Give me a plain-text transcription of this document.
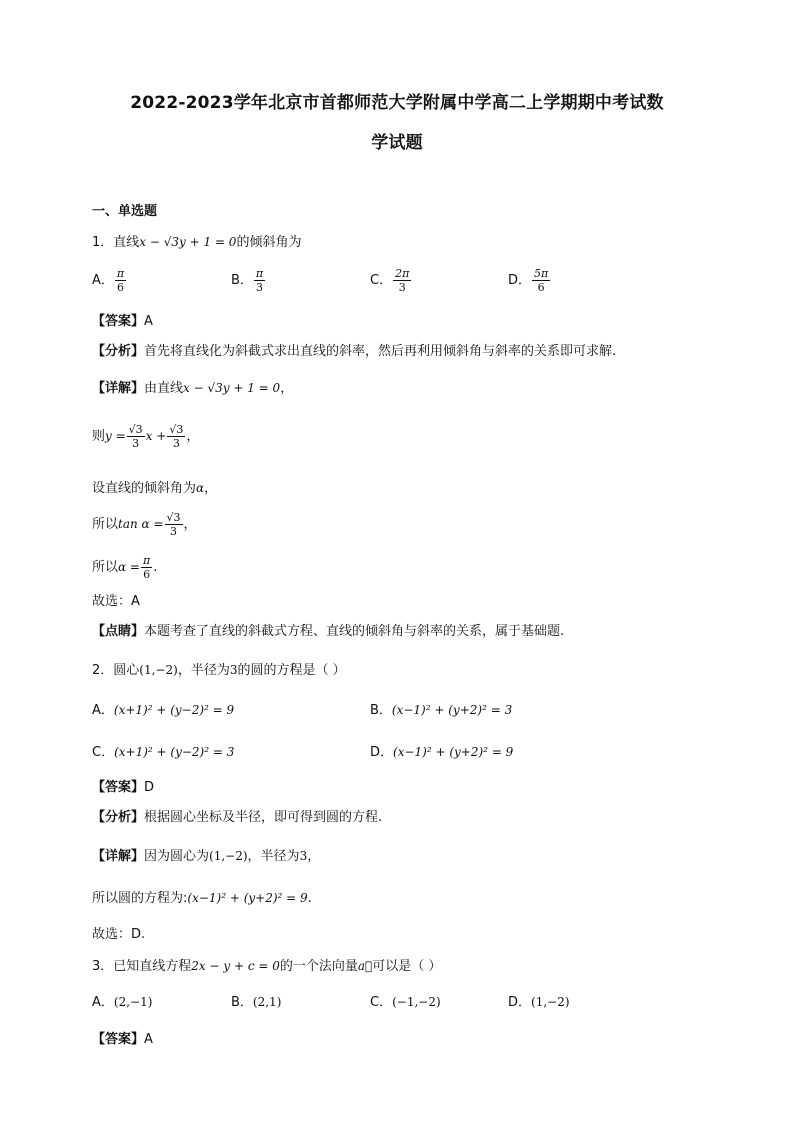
2022-2023学年北京市首都师范大学附属中学高二上学期期中考试数
学试题
一、单选题
1．直线x − √3y + 1 = 0的倾斜角为
A． $\frac{\pi}{6}$	B． $\frac{\pi}{3}$	C． $\frac{2\pi}{3}$	D． $\frac{5\pi}{6}$
【答案】A
【分析】首先将直线化为斜截式求出直线的斜率，然后再利用倾斜角与斜率的关系即可求解.
【详解】由直线x − √3y + 1 = 0，
则$y = \frac{√3}{3}$ $x + \frac{√3}{3}$ ，
设直线的倾斜角为α，
所以$\tan \alpha = \frac{√3}{3}$ ，
所以$\alpha = \frac{\pi}{6}$ .
故选：A
【点睛】本题考查了直线的斜截式方程、直线的倾斜角与斜率的关系，属于基础题.
2．圆心(1,−2)，半径为3的圆的方程是（ ）
A．(x+1)² + (y−2)² = 9	B．(x−1)² + (y+2)² = 3
C．(x+1)² + (y−2)² = 3	D．(x−1)² + (y+2)² = 9
【答案】D
【分析】根据圆心坐标及半径，即可得到圆的方程.
【详解】因为圆心为(1,−2)，半径为3，
所以圆的方程为:(x−1)² + (y+2)² = 9.
故选：D.
3．已知直线方程2x − y + c = 0的一个法向量a⃗可以是（ ）
A．(2,−1)	B．(2,1)	C．(−1,−2)	D．(1,−2)
【答案】A
